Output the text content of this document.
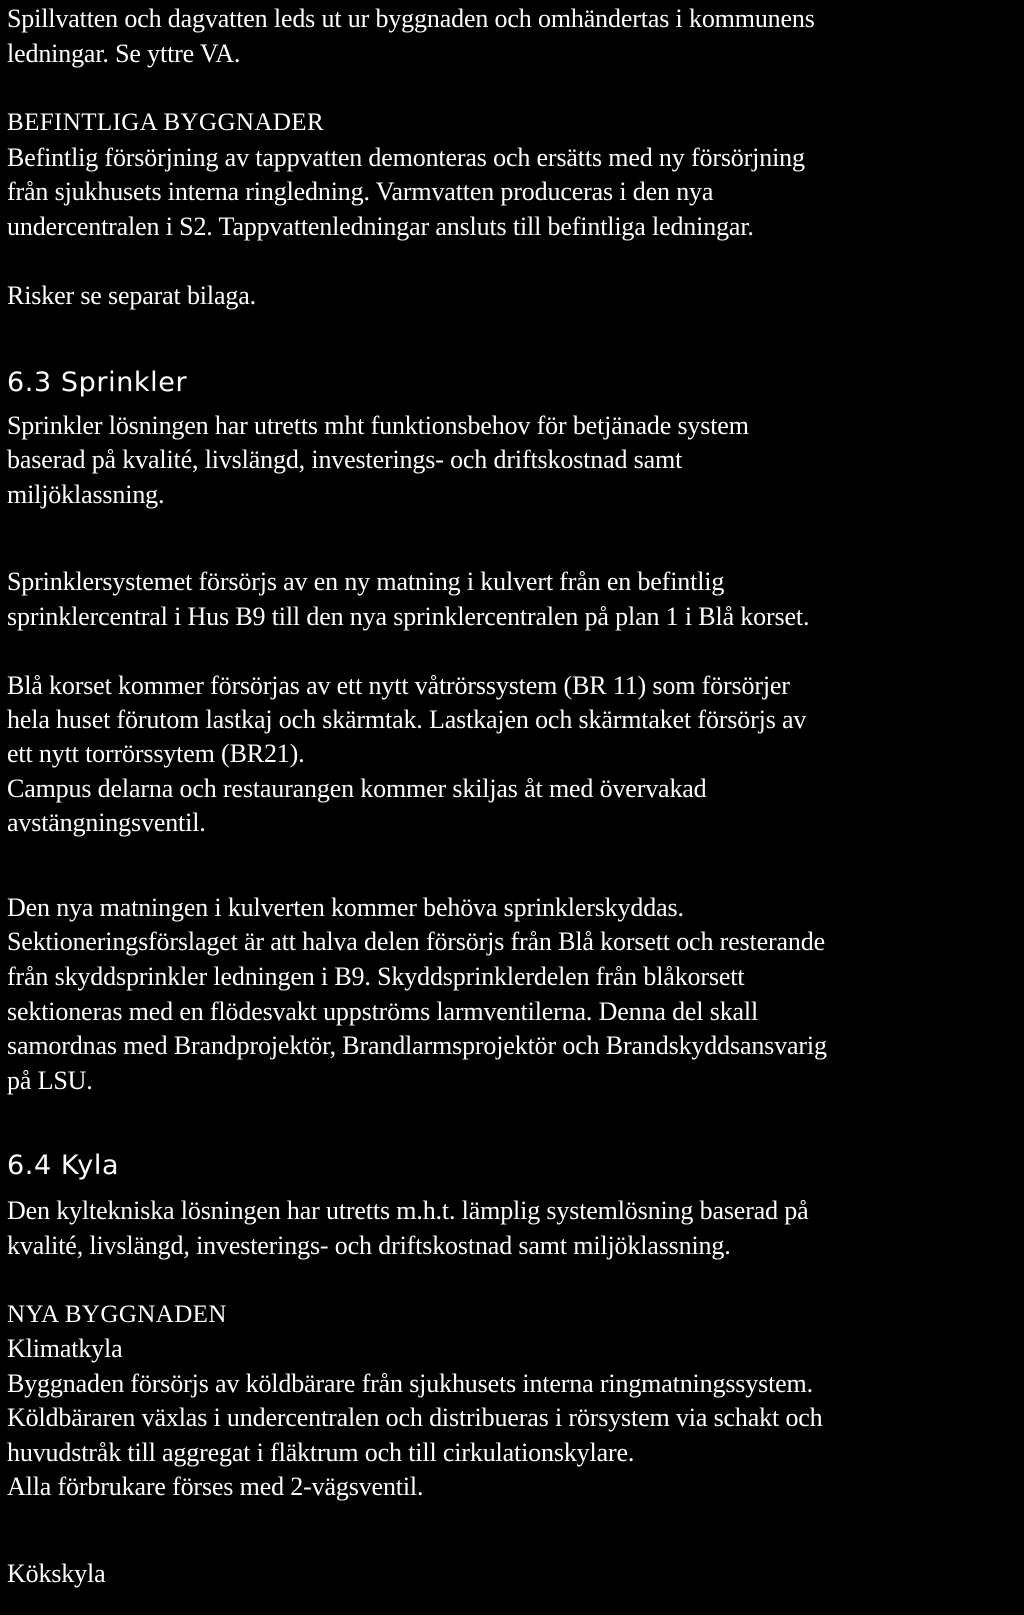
Spillvatten och dagvatten leds ut ur byggnaden och omhändertas i kommunens
ledningar. Se yttre VA.
BEFINTLIGA BYGGNADER
Befintlig försörjning av tappvatten demonteras och ersätts med ny försörjning
från sjukhusets interna ringledning. Varmvatten produceras i den nya
undercentralen i S2. Tappvattenledningar ansluts till befintliga ledningar.
Risker se separat bilaga.
6.3 Sprinkler
Sprinkler lösningen har utretts mht funktionsbehov för betjänade system
baserad på kvalité, livslängd, investerings- och driftskostnad samt
miljöklassning.
Sprinklersystemet försörjs av en ny matning i kulvert från en befintlig
sprinklercentral i Hus B9 till den nya sprinklercentralen på plan 1 i Blå korset.
Blå korset kommer försörjas av ett nytt våtrörssystem (BR 11) som försörjer
hela huset förutom lastkaj och skärmtak. Lastkajen och skärmtaket försörjs av
ett nytt torrörssytem (BR21).
Campus delarna och restaurangen kommer skiljas åt med övervakad
avstängningsventil.
Den nya matningen i kulverten kommer behöva sprinklerskyddas.
Sektioneringsförslaget är att halva delen försörjs från Blå korsett och resterande
från skyddsprinkler ledningen i B9. Skyddsprinklerdelen från blåkorsett
sektioneras med en flödesvakt uppströms larmventilerna. Denna del skall
samordnas med Brandprojektör, Brandlarmsprojektör och Brandskyddsansvarig
på LSU.
6.4 Kyla
Den kyltekniska lösningen har utretts m.h.t. lämplig systemlösning baserad på
kvalité, livslängd, investerings- och driftskostnad samt miljöklassning.
NYA BYGGNADEN
Klimatkyla
Byggnaden försörjs av köldbärare från sjukhusets interna ringmatningssystem.
Köldbäraren växlas i undercentralen och distribueras i rörsystem via schakt och
huvudstråk till aggregat i fläktrum och till cirkulationskylare.
Alla förbrukare förses med 2-vägsventil.
Kökskyla
